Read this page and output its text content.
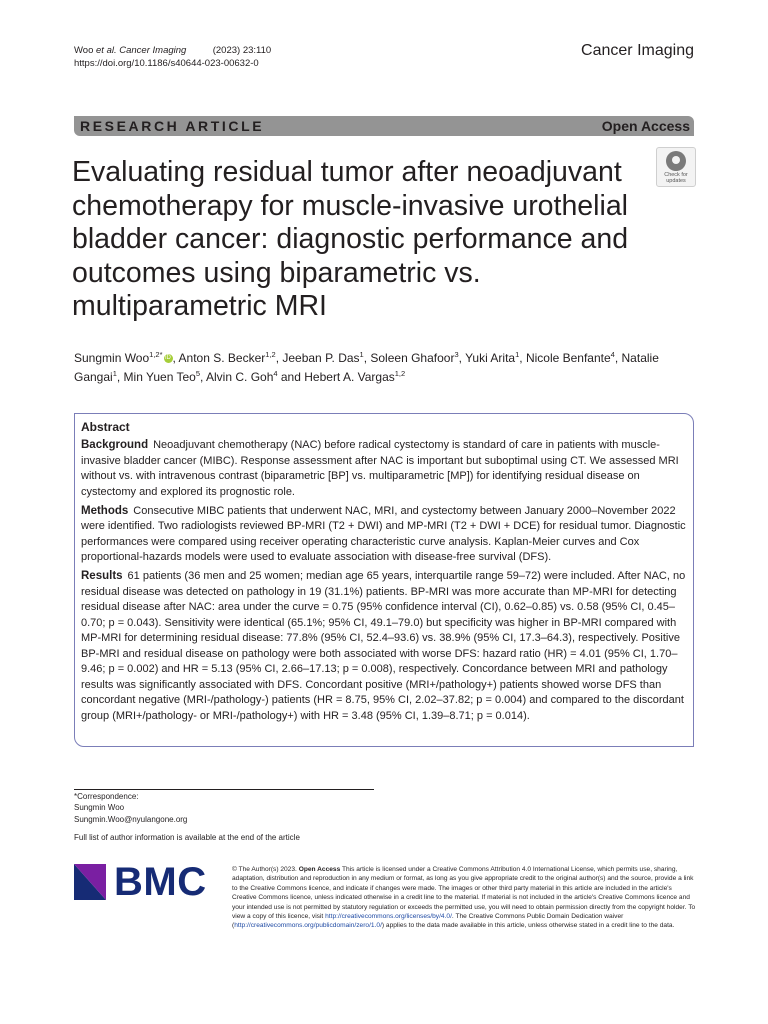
Woo et al. Cancer Imaging	(2023) 23:110
https://doi.org/10.1186/s40644-023-00632-0
Cancer Imaging
RESEARCH ARTICLE	Open Access
Check for updates
Evaluating residual tumor after neoadjuvant chemotherapy for muscle-invasive urothelial bladder cancer: diagnostic performance and outcomes using biparametric vs. multiparametric MRI
Sungmin Woo$^{1,2*}$ iD , Anton S. Becker$^{1,2}$, Jeeban P. Das$^1$, Soleen Ghafoor$^3$, Yuki Arita$^1$, Nicole Benfante$^4$, Natalie Gangai$^1$, Min Yuen Teo$^5$, Alvin C. Goh$^4$ and Hebert A. Vargas$^{1,2}$
Abstract

Background Neoadjuvant chemotherapy (NAC) before radical cystectomy is standard of care in patients with muscle-invasive bladder cancer (MIBC). Response assessment after NAC is important but suboptimal using CT. We assessed MRI without vs. with intravenous contrast (biparametric [BP] vs. multiparametric [MP]) for identifying residual disease on cystectomy and explored its prognostic role.

Methods Consecutive MIBC patients that underwent NAC, MRI, and cystectomy between January 2000–November 2022 were identified. Two radiologists reviewed BP-MRI (T2 + DWI) and MP-MRI (T2 + DWI + DCE) for residual tumor. Diagnostic performances were compared using receiver operating characteristic curve analysis. Kaplan-Meier curves and Cox proportional-hazards models were used to evaluate association with disease-free survival (DFS).

Results 61 patients (36 men and 25 women; median age 65 years, interquartile range 59–72) were included. After NAC, no residual disease was detected on pathology in 19 (31.1%) patients. BP-MRI was more accurate than MP-MRI for detecting residual disease after NAC: area under the curve = 0.75 (95% confidence interval (CI), 0.62–0.85) vs. 0.58 (95% CI, 0.45–0.70; p = 0.043). Sensitivity were identical (65.1%; 95% CI, 49.1–79.0) but specificity was higher in BP-MRI compared with MP-MRI for determining residual disease: 77.8% (95% CI, 52.4–93.6) vs. 38.9% (95% CI, 17.3–64.3), respectively. Positive BP-MRI and residual disease on pathology were both associated with worse DFS: hazard ratio (HR) = 4.01 (95% CI, 1.70–9.46; p = 0.002) and HR = 5.13 (95% CI, 2.66–17.13; p = 0.008), respectively. Concordance between MRI and pathology results was significantly associated with DFS. Concordant positive (MRI+/pathology+) patients showed worse DFS than concordant negative (MRI-/pathology-) patients (HR = 8.75, 95% CI, 2.02–37.82; p = 0.004) and compared to the discordant group (MRI+/pathology- or MRI-/pathology+) with HR = 3.48 (95% CI, 1.39–8.71; p = 0.014).

*Correspondence:
Sungmin Woo
Sungmin.Woo@nyulangone.org
Full list of author information is available at the end of the article
BMC	© The Author(s) 2023. Open Access This article is licensed under a Creative Commons Attribution 4.0 International License, which permits use, sharing, adaptation, distribution and reproduction in any medium or format, as long as you give appropriate credit to the original author(s) and the source, provide a link to the Creative Commons licence, and indicate if changes were made. The images or other third party material in this article are included in the article's Creative Commons licence, unless indicated otherwise in a credit line to the material. If material is not included in the article's Creative Commons licence and your intended use is not permitted by statutory regulation or exceeds the permitted use, you will need to obtain permission directly from the copyright holder. To view a copy of this licence, visit http://creativecommons.org/licenses/by/4.0/. The Creative Commons Public Domain Dedication waiver (http://creativecommons.org/publicdomain/zero/1.0/) applies to the data made available in this article, unless otherwise stated in a credit line to the data.
